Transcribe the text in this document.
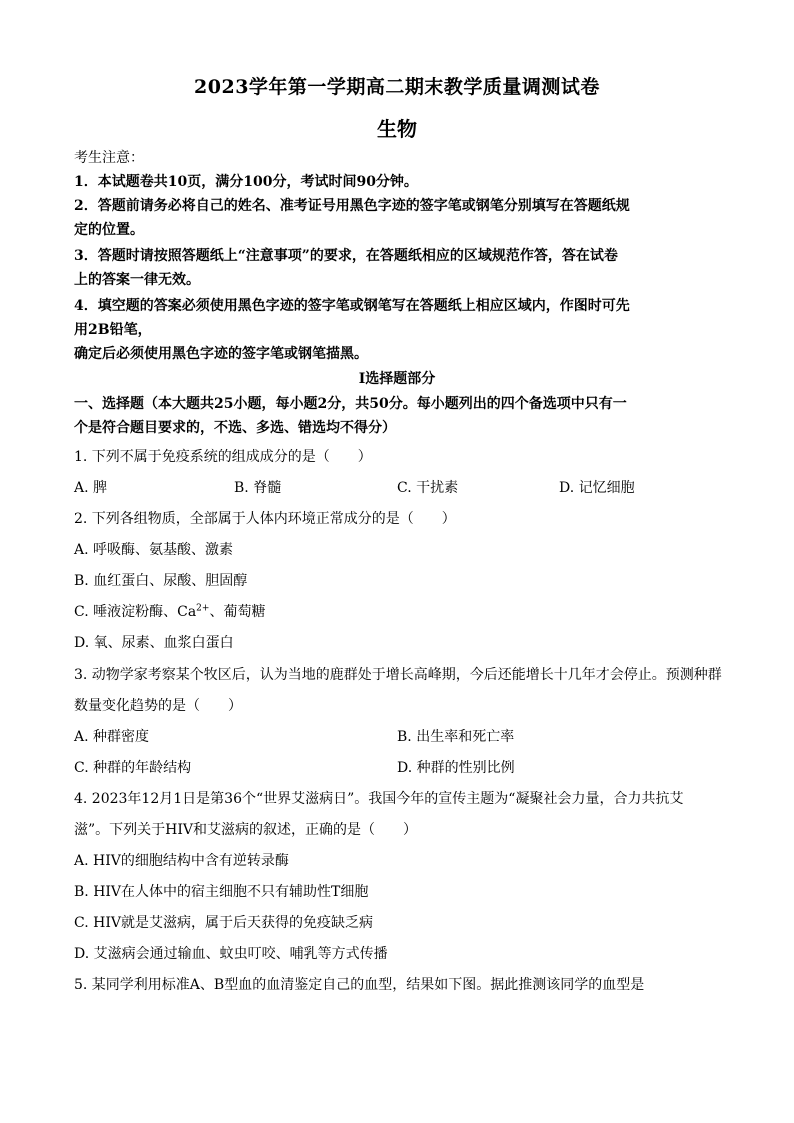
2023学年第一学期高二期末教学质量调测试卷
生物
考生注意：
1．本试题卷共10页，满分100分，考试时间90分钟。
2．答题前请务必将自己的姓名、准考证号用黑色字迹的签字笔或钢笔分别填写在答题纸规
定的位置。
3．答题时请按照答题纸上“注意事项”的要求，在答题纸相应的区域规范作答，答在试卷
上的答案一律无效。
4．填空题的答案必须使用黑色字迹的签字笔或钢笔写在答题纸上相应区域内，作图时可先
用2B铅笔，
确定后必须使用黑色字迹的签字笔或钢笔描黑。
Ⅰ选择题部分
一、选择题（本大题共25小题，每小题2分，共50分。每小题列出的四个备选项中只有一
个是符合题目要求的，不选、多选、错选均不得分）
1. 下列不属于免疫系统的组成成分的是（　　）
A. 脾	B. 脊髓	C. 干扰素	D. 记忆细胞
2. 下列各组物质，全部属于人体内环境正常成分的是（　　）
A. 呼吸酶、氨基酸、激素
B. 血红蛋白、尿酸、胆固醇
C. 唾液淀粉酶、$Ca^{2+}$、葡萄糖
D. 氧、尿素、血浆白蛋白
3. 动物学家考察某个牧区后，认为当地的鹿群处于增长高峰期，今后还能增长十几年才会停止。预测种群
数量变化趋势的是（　　）
A. 种群密度	B. 出生率和死亡率
C. 种群的年龄结构	D. 种群的性别比例
4. 2023年12月1日是第36个“世界艾滋病日”。我国今年的宣传主题为“凝聚社会力量，合力共抗艾
滋”。下列关于HIV和艾滋病的叙述，正确的是（　　）
A. HIV的细胞结构中含有逆转录酶
B. HIV在人体中的宿主细胞不只有辅助性T细胞
C. HIV就是艾滋病，属于后天获得的免疫缺乏病
D. 艾滋病会通过输血、蚊虫叮咬、哺乳等方式传播
5. 某同学利用标准A、B型血的血清鉴定自己的血型，结果如下图。据此推测该同学的血型是
